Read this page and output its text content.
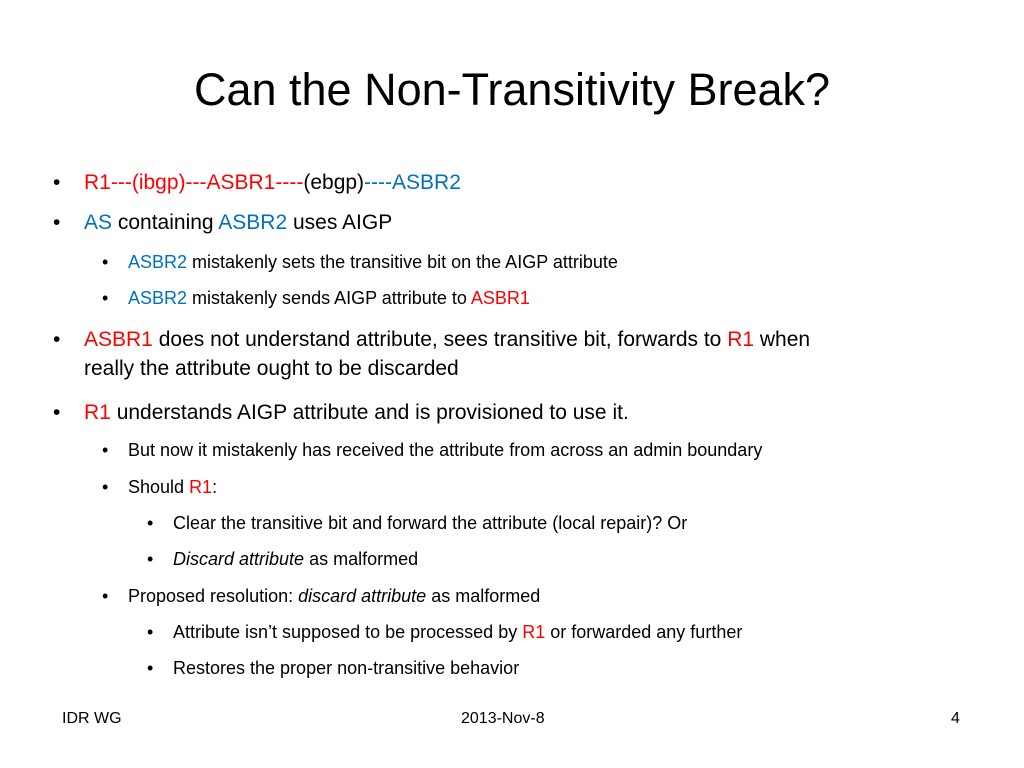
Can the Non-Transitivity Break?
• R1---(ibgp)---ASBR1----(ebgp)----ASBR2
• AS containing ASBR2 uses AIGP
• ASBR2 mistakenly sets the transitive bit on the AIGP attribute
• ASBR2 mistakenly sends AIGP attribute to ASBR1
• ASBR1 does not understand attribute, sees transitive bit, forwards to R1 when
really the attribute ought to be discarded
• R1 understands AIGP attribute and is provisioned to use it.
• But now it mistakenly has received the attribute from across an admin boundary
• Should R1:
• Clear the transitive bit and forward the attribute (local repair)? Or
• Discard attribute as malformed
• Proposed resolution: discard attribute as malformed
• Attribute isn’t supposed to be processed by R1 or forwarded any further
• Restores the proper non-transitive behavior
IDR WG	2013-Nov-8	4
